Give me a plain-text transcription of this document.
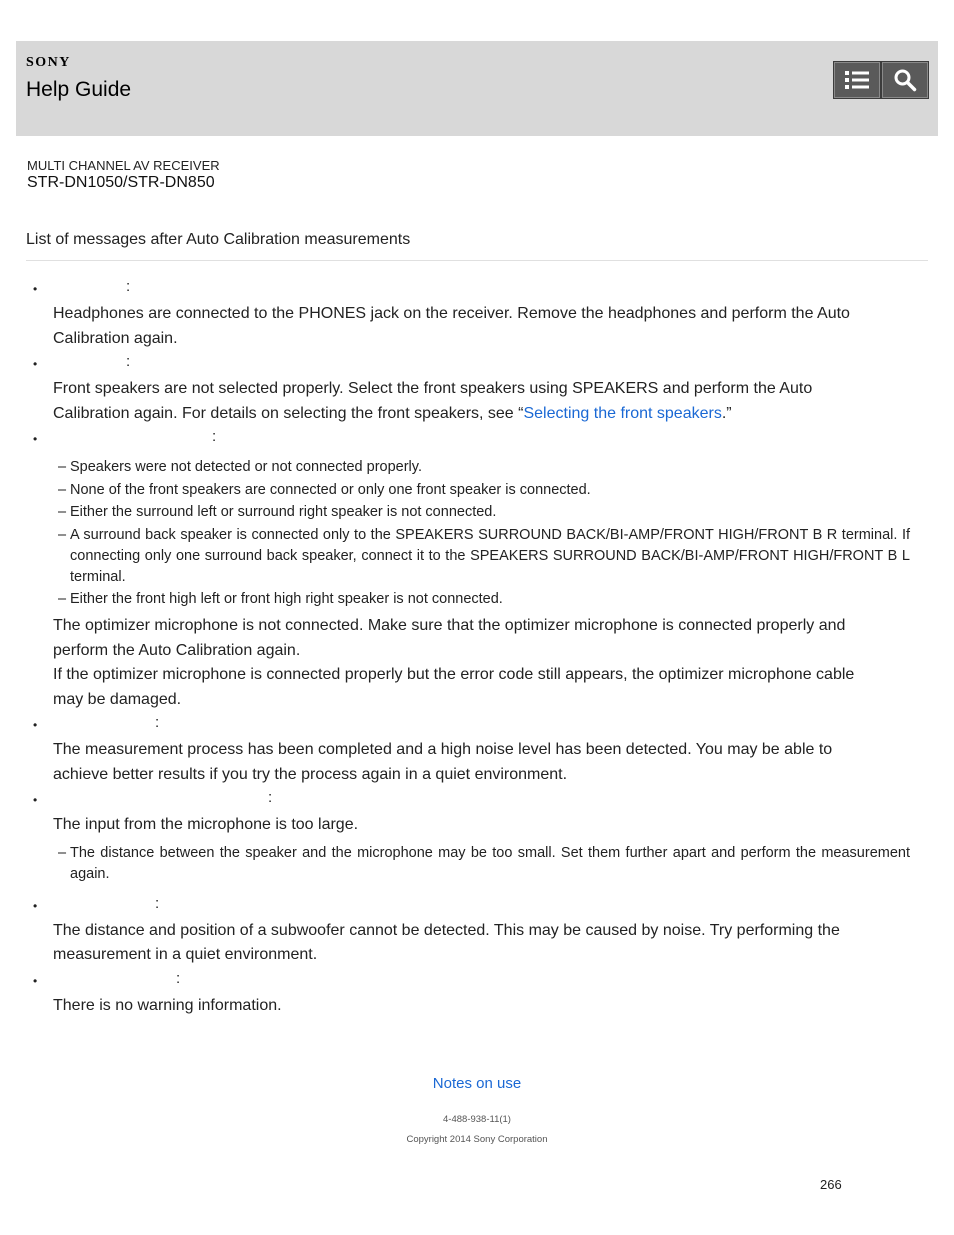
SONY
Help Guide
MULTI CHANNEL AV RECEIVER
STR-DN1050/STR-DN850
List of messages after Auto Calibration measurements
•	:

Headphones are connected to the PHONES jack on the receiver. Remove the headphones and perform the Auto Calibration again.

•	:

Front speakers are not selected properly. Select the front speakers using SPEAKERS and perform the Auto Calibration again. For details on selecting the front speakers, see “Selecting the front speakers.”

•	:
– Speakers were not detected or not connected properly.
– None of the front speakers are connected or only one front speaker is connected.
– Either the surround left or surround right speaker is not connected.
– A surround back speaker is connected only to the SPEAKERS SURROUND BACK/BI-AMP/FRONT HIGH/FRONT B R terminal. If connecting only one surround back speaker, connect it to the SPEAKERS SURROUND BACK/BI-AMP/FRONT HIGH/FRONT B L terminal.
– Either the front high left or front high right speaker is not connected.

The optimizer microphone is not connected. Make sure that the optimizer microphone is connected properly and perform the Auto Calibration again.

If the optimizer microphone is connected properly but the error code still appears, the optimizer microphone cable may be damaged.

•	:

The measurement process has been completed and a high noise level has been detected. You may be able to achieve better results if you try the process again in a quiet environment.

•	:

The input from the microphone is too large.

– The distance between the speaker and the microphone may be too small. Set them further apart and perform the measurement again.
•	:

The distance and position of a subwoofer cannot be detected. This may be caused by noise. Try performing the measurement in a quiet environment.

•	:

There is no warning information.

Notes on use
4-488-938-11(1)
Copyright 2014 Sony Corporation
266
